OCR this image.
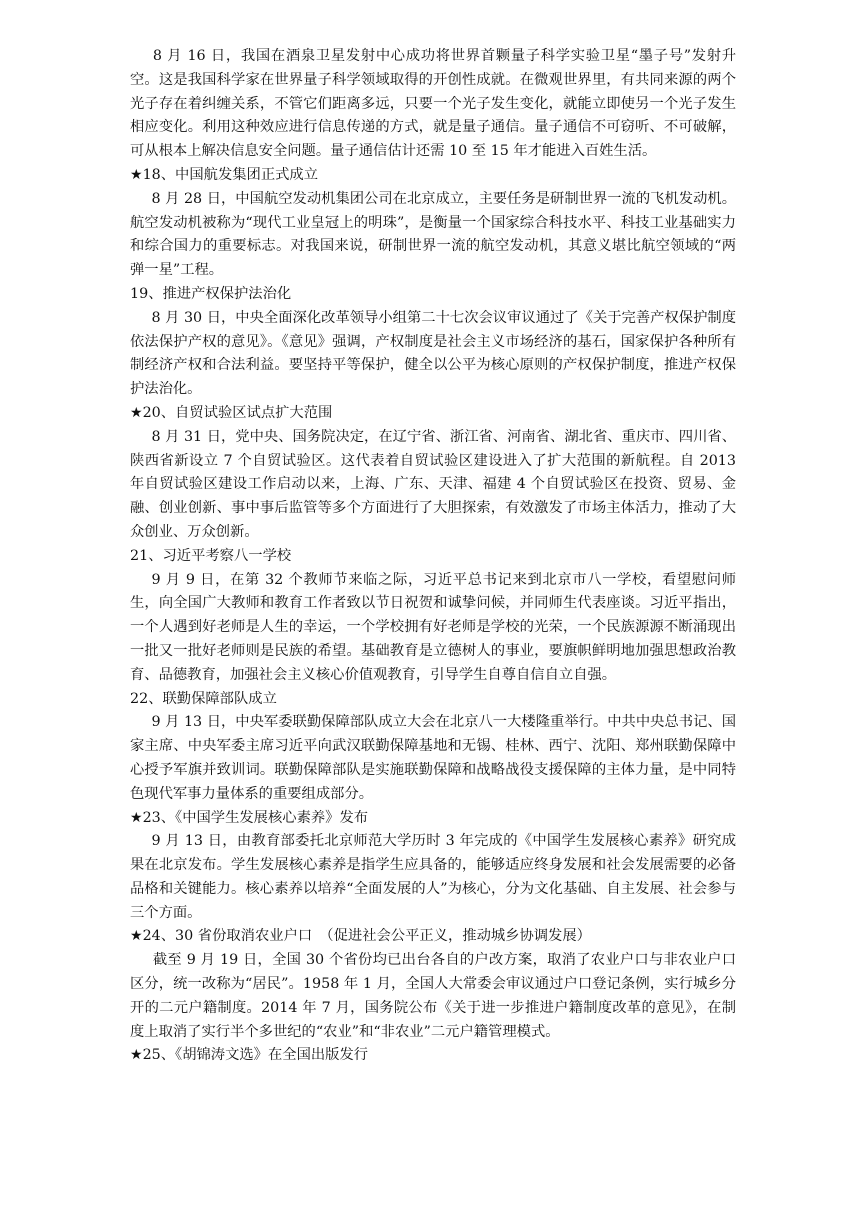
8 月 16 日，我国在酒泉卫星发射中心成功将世界首颗量子科学实验卫星“墨子号”发射升空。这是我国科学家在世界量子科学领域取得的开创性成就。在微观世界里，有共同来源的两个光子存在着纠缠关系，不管它们距离多远，只要一个光子发生变化，就能立即使另一个光子发生相应变化。利用这种效应进行信息传递的方式，就是量子通信。量子通信不可窃听、不可破解，可从根本上解决信息安全问题。量子通信估计还需 10 至 15 年才能进入百姓生活。

★18、中国航发集团正式成立

8 月 28 日，中国航空发动机集团公司在北京成立，主要任务是研制世界一流的飞机发动机。航空发动机被称为“现代工业皇冠上的明珠”，是衡量一个国家综合科技水平、科技工业基础实力和综合国力的重要标志。对我国来说，研制世界一流的航空发动机，其意义堪比航空领域的“两弹一星”工程。

19、推进产权保护法治化

8 月 30 日，中央全面深化改革领导小组第二十七次会议审议通过了《关于完善产权保护制度依法保护产权的意见》。《意见》强调，产权制度是社会主义市场经济的基石，国家保护各种所有制经济产权和合法利益。要坚持平等保护，健全以公平为核心原则的产权保护制度，推进产权保护法治化。

★20、自贸试验区试点扩大范围

8 月 31 日，党中央、国务院决定，在辽宁省、浙江省、河南省、湖北省、重庆市、四川省、陕西省新设立 7 个自贸试验区。这代表着自贸试验区建设进入了扩大范围的新航程。自 2013 年自贸试验区建设工作启动以来，上海、广东、天津、福建 4 个自贸试验区在投资、贸易、金融、创业创新、事中事后监管等多个方面进行了大胆探索，有效激发了市场主体活力，推动了大众创业、万众创新。

21、习近平考察八一学校

9 月 9 日，在第 32 个教师节来临之际，习近平总书记来到北京市八一学校，看望慰问师生，向全国广大教师和教育工作者致以节日祝贺和诚挚问候，并同师生代表座谈。习近平指出，一个人遇到好老师是人生的幸运，一个学校拥有好老师是学校的光荣，一个民族源源不断涌现出一批又一批好老师则是民族的希望。基础教育是立德树人的事业，要旗帜鲜明地加强思想政治教育、品德教育，加强社会主义核心价值观教育，引导学生自尊自信自立自强。

22、联勤保障部队成立

9 月 13 日，中央军委联勤保障部队成立大会在北京八一大楼隆重举行。中共中央总书记、国家主席、中央军委主席习近平向武汉联勤保障基地和无锡、桂林、西宁、沈阳、郑州联勤保障中心授予军旗并致训词。联勤保障部队是实施联勤保障和战略战役支援保障的主体力量，是中同特色现代军事力量体系的重要组成部分。

★23、《中国学生发展核心素养》发布

9 月 13 日，由教育部委托北京师范大学历时 3 年完成的《中国学生发展核心素养》研究成果在北京发布。学生发展核心素养是指学生应具备的，能够适应终身发展和社会发展需要的必备品格和关键能力。核心素养以培养“全面发展的人”为核心，分为文化基础、自主发展、社会参与三个方面。

★24、30 省份取消农业户口　（促进社会公平正义，推动城乡协调发展）

截至 9 月 19 日，全国 30 个省份均已出台各自的户改方案，取消了农业户口与非农业户口区分，统一改称为“居民”。1958 年 1 月，全国人大常委会审议通过户口登记条例，实行城乡分开的二元户籍制度。2014 年 7 月，国务院公布《关于进一步推进户籍制度改革的意见》，在制度上取消了实行半个多世纪的“农业”和“非农业”二元户籍管理模式。

★25、《胡锦涛文选》在全国出版发行
